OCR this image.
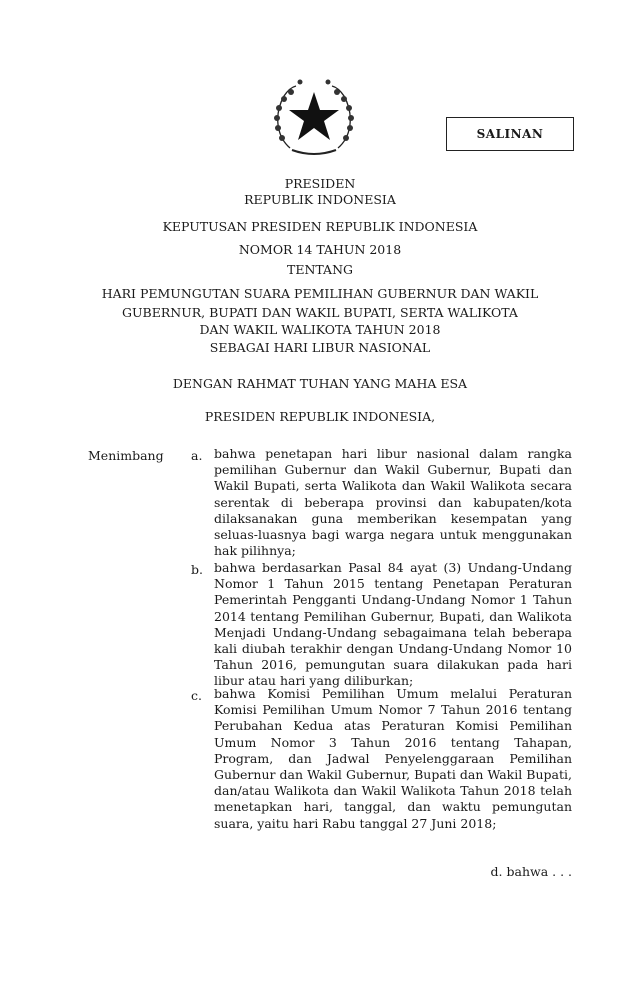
SALINAN
PRESIDEN
REPUBLIK INDONESIA
KEPUTUSAN PRESIDEN REPUBLIK INDONESIA
NOMOR 14 TAHUN 2018
TENTANG
HARI PEMUNGUTAN SUARA PEMILIHAN GUBERNUR DAN WAKIL
GUBERNUR, BUPATI DAN WAKIL BUPATI, SERTA WALIKOTA
DAN WAKIL WALIKOTA TAHUN 2018
SEBAGAI HARI LIBUR NASIONAL
DENGAN RAHMAT TUHAN YANG MAHA ESA
PRESIDEN REPUBLIK INDONESIA,
Menimbang a. bahwa penetapan hari libur nasional dalam rangka pemilihan Gubernur dan Wakil Gubernur, Bupati dan Wakil Bupati, serta Walikota dan Wakil Walikota secara serentak di beberapa provinsi dan kabupaten/kota dilaksanakan guna memberikan kesempatan yang seluas-luasnya bagi warga negara untuk menggunakan hak pilihnya;

b. bahwa berdasarkan Pasal 84 ayat (3) Undang-Undang Nomor 1 Tahun 2015 tentang Penetapan Peraturan Pemerintah Pengganti Undang-Undang Nomor 1 Tahun 2014 tentang Pemilihan Gubernur, Bupati, dan Walikota Menjadi Undang-Undang sebagaimana telah beberapa kali diubah terakhir dengan Undang-Undang Nomor 10 Tahun 2016, pemungutan suara dilakukan pada hari libur atau hari yang diliburkan;

c. bahwa Komisi Pemilihan Umum melalui Peraturan Komisi Pemilihan Umum Nomor 7 Tahun 2016 tentang Perubahan Kedua atas Peraturan Komisi Pemilihan Umum Nomor 3 Tahun 2016 tentang Tahapan, Program, dan Jadwal Penyelenggaraan Pemilihan Gubernur dan Wakil Gubernur, Bupati dan Wakil Bupati, dan/atau Walikota dan Wakil Walikota Tahun 2018 telah menetapkan hari, tanggal, dan waktu pemungutan suara, yaitu hari Rabu tanggal 27 Juni 2018;

d. bahwa . . .
